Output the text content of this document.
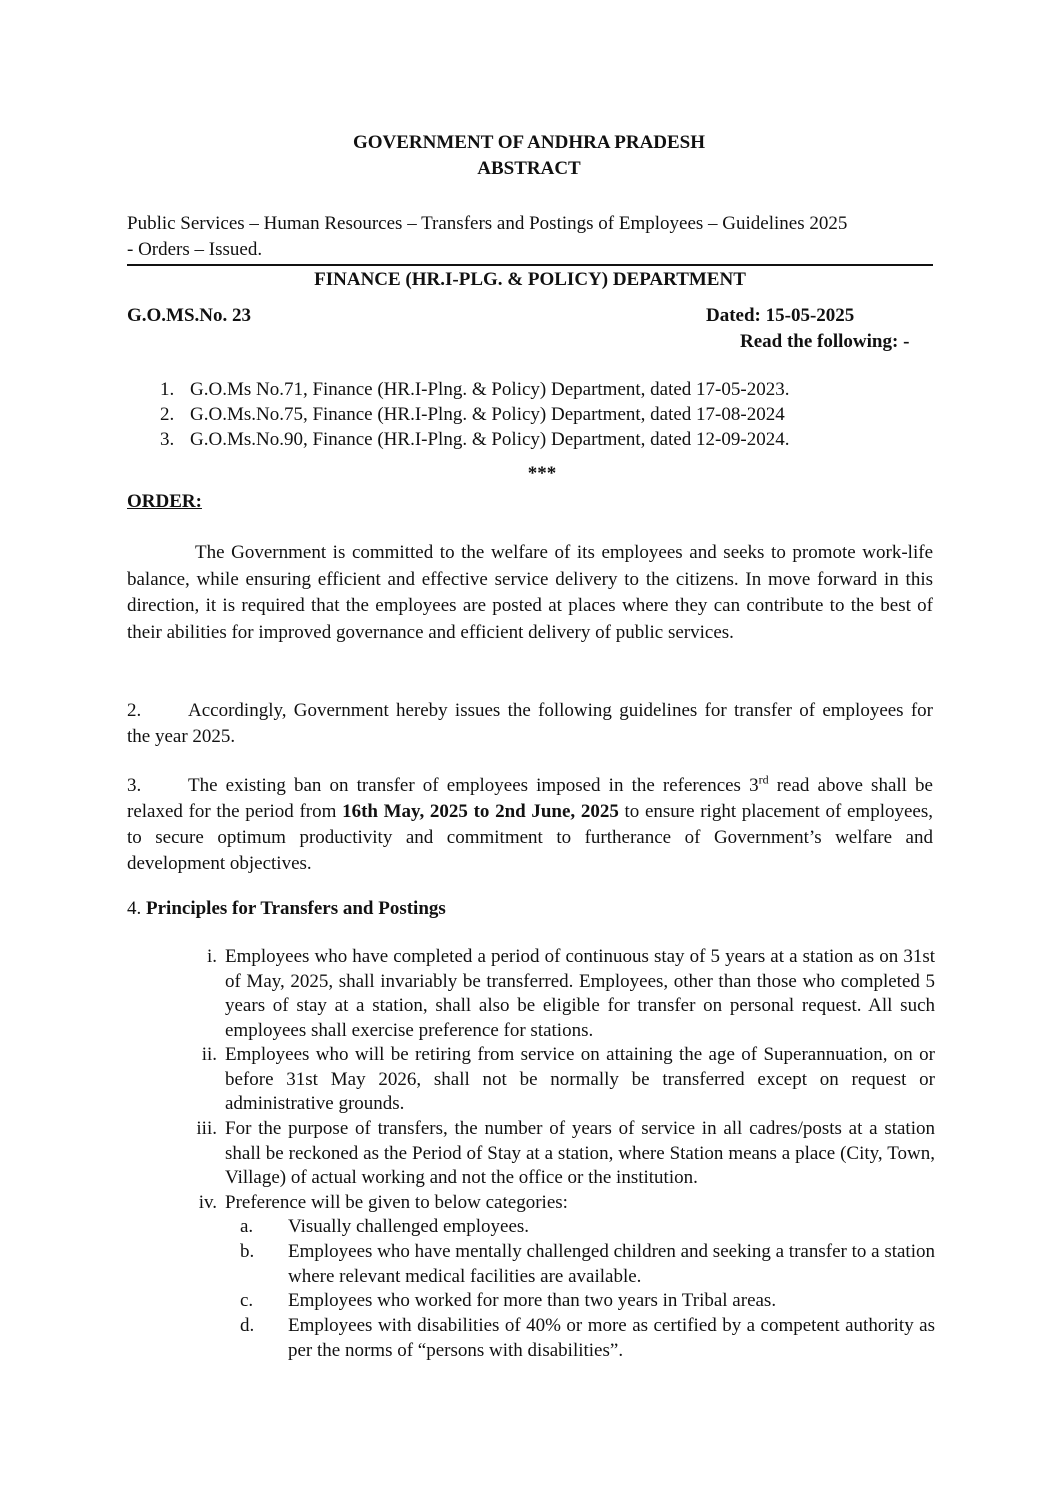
GOVERNMENT OF ANDHRA PRADESH
ABSTRACT
Public Services – Human Resources – Transfers and Postings of Employees – Guidelines 2025
- Orders – Issued.
FINANCE (HR.I-PLG. & POLICY) DEPARTMENT
G.O.MS.No. 23	Dated: 15-05-2025
Read the following: -
1. G.O.Ms No.71, Finance (HR.I-Plng. & Policy) Department, dated 17-05-2023.
2. G.O.Ms.No.75, Finance (HR.I-Plng. & Policy) Department, dated 17-08-2024
3. G.O.Ms.No.90, Finance (HR.I-Plng. & Policy) Department, dated 12-09-2024.
***
ORDER:
The Government is committed to the welfare of its employees and seeks to promote work-life balance, while ensuring efficient and effective service delivery to the citizens. In move forward in this direction, it is required that the employees are posted at places where they can contribute to the best of their abilities for improved governance and efficient delivery of public services.
2. Accordingly, Government hereby issues the following guidelines for transfer of employees for the year 2025.
3. The existing ban on transfer of employees imposed in the references 3rd read above shall be relaxed for the period from 16th May, 2025 to 2nd June, 2025 to ensure right placement of employees, to secure optimum productivity and commitment to furtherance of Government’s welfare and development objectives.
4. Principles for Transfers and Postings
i. Employees who have completed a period of continuous stay of 5 years at a station as on 31st of May, 2025, shall invariably be transferred. Employees, other than those who completed 5 years of stay at a station, shall also be eligible for transfer on personal request. All such employees shall exercise preference for stations.
ii. Employees who will be retiring from service on attaining the age of Superannuation, on or before 31st May 2026, shall not be normally be transferred except on request or administrative grounds.
iii. For the purpose of transfers, the number of years of service in all cadres/posts at a station shall be reckoned as the Period of Stay at a station, where Station means a place (City, Town, Village) of actual working and not the office or the institution.
iv. Preference will be given to below categories:
a.	Visually challenged employees.
b.	Employees who have mentally challenged children and seeking a transfer to a station where relevant medical facilities are available.
c.	Employees who worked for more than two years in Tribal areas.
d.	Employees with disabilities of 40% or more as certified by a competent authority as per the norms of “persons with disabilities”.
